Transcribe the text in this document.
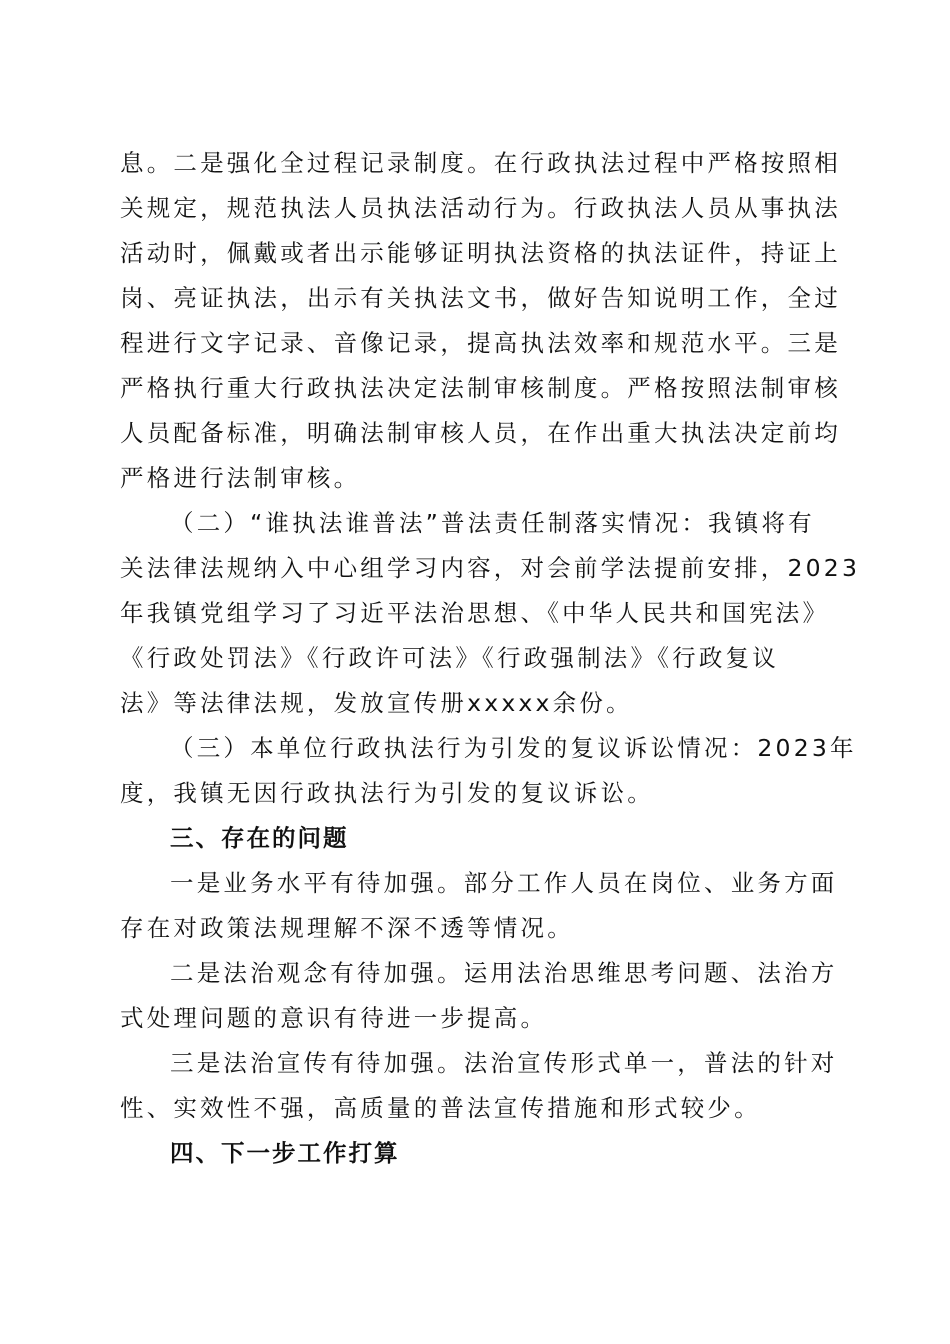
息。二是强化全过程记录制度。在行政执法过程中严格按照相
关规定，规范执法人员执法活动行为。行政执法人员从事执法
活动时，佩戴或者出示能够证明执法资格的执法证件，持证上
岗、亮证执法，出示有关执法文书，做好告知说明工作，全过
程进行文字记录、音像记录，提高执法效率和规范水平。三是
严格执行重大行政执法决定法制审核制度。严格按照法制审核
人员配备标准，明确法制审核人员，在作出重大执法决定前均
严格进行法制审核。
（二）“谁执法谁普法”普法责任制落实情况：我镇将有
关法律法规纳入中心组学习内容，对会前学法提前安排，2023
年我镇党组学习了习近平法治思想、《中华人民共和国宪法》
《行政处罚法》《行政许可法》《行政强制法》《行政复议
法》等法律法规，发放宣传册xxxxx余份。
（三）本单位行政执法行为引发的复议诉讼情况：2023年
度，我镇无因行政执法行为引发的复议诉讼。
三、存在的问题
一是业务水平有待加强。部分工作人员在岗位、业务方面
存在对政策法规理解不深不透等情况。
二是法治观念有待加强。运用法治思维思考问题、法治方
式处理问题的意识有待进一步提高。
三是法治宣传有待加强。法治宣传形式单一，普法的针对
性、实效性不强，高质量的普法宣传措施和形式较少。
四、下一步工作打算
